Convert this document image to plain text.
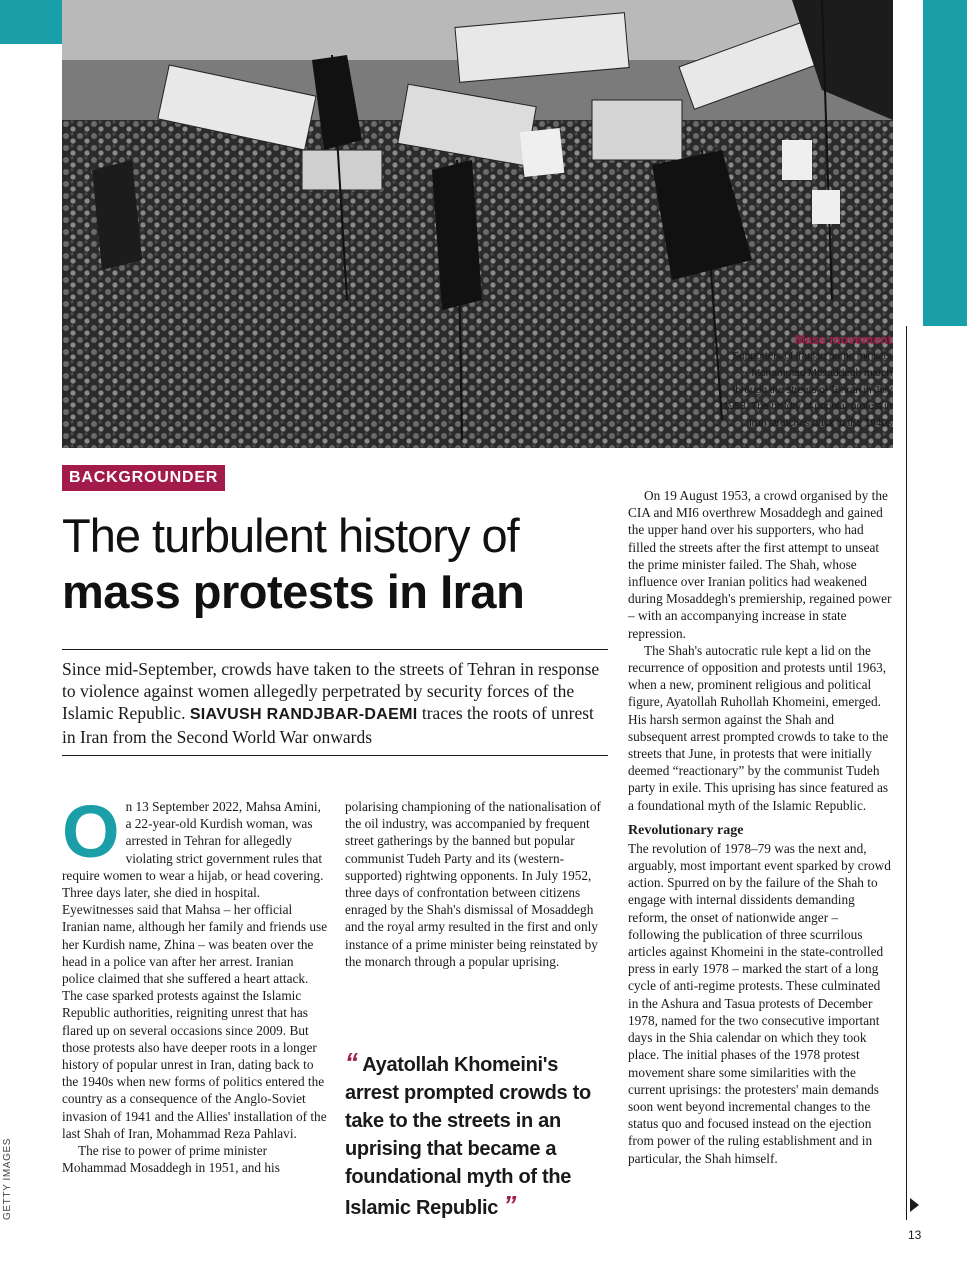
Mass movement
Supporters of Iranian prime minister Mohammad Mosaddegh march through the streets of Tehran in July 1953. The history of popular protest in Iran stretches back to the 1940s
BACKGROUNDER
The turbulent history of
mass protests in Iran

Since mid-September, crowds have taken to the streets of Tehran in response to violence against women allegedly perpetrated by security forces of the Islamic Republic. SIAVUSH RANDJBAR-DAEMI traces the roots of unrest in Iran from the Second World War onwards

On 13 September 2022, Mahsa Amini, a 22-year-old Kurdish woman, was arrested in Tehran for allegedly violating strict government rules that require women to wear a hijab, or head covering. Three days later, she died in hospital. Eyewitnesses said that Mahsa – her official Iranian name, although her family and friends use her Kurdish name, Zhina – was beaten over the head in a police van after her arrest. Iranian police claimed that she suffered a heart attack. The case sparked protests against the Islamic Republic authorities, reigniting unrest that has flared up on several occasions since 2009. But those protests also have deeper roots in a longer history of popular unrest in Iran, dating back to the 1940s when new forms of politics entered the country as a consequence of the Anglo-Soviet invasion of 1941 and the Allies' installation of the last Shah of Iran, Mohammad Reza Pahlavi.

The rise to power of prime minister Mohammad Mosaddegh in 1951, and his

polarising championing of the nationalisation of the oil industry, was accompanied by frequent street gatherings by the banned but popular communist Tudeh Party and its (western-supported) rightwing opponents. In July 1952, three days of confrontation between citizens enraged by the Shah's dismissal of Mosaddegh and the royal army resulted in the first and only instance of a prime minister being reinstated by the monarch through a popular uprising.

“ Ayatollah Khomeini's arrest prompted crowds to take to the streets in an uprising that became a foundational myth of the Islamic Republic ”

On 19 August 1953, a crowd organised by the CIA and MI6 overthrew Mosaddegh and gained the upper hand over his supporters, who had filled the streets after the first attempt to unseat the prime minister failed. The Shah, whose influence over Iranian politics had weakened during Mosaddegh's premiership, regained power – with an accompanying increase in state repression.

The Shah's autocratic rule kept a lid on the recurrence of opposition and protests until 1963, when a new, prominent religious and political figure, Ayatollah Ruhollah Khomeini, emerged. His harsh sermon against the Shah and subsequent arrest prompted crowds to take to the streets that June, in protests that were initially deemed “reactionary” by the communist Tudeh party in exile. This uprising has since featured as a foundational myth of the Islamic Republic.

Revolutionary rage

The revolution of 1978–79 was the next and, arguably, most important event sparked by crowd action. Spurred on by the failure of the Shah to engage with internal dissidents demanding reform, the onset of nationwide anger – following the publication of three scurrilous articles against Khomeini in the state-controlled press in early 1978 – marked the start of a long cycle of anti-regime protests. These culminated in the Ashura and Tasua protests of December 1978, named for the two consecutive important days in the Shia calendar on which they took place. The initial phases of the 1978 protest movement share some similarities with the current uprisings: the protesters' main demands soon went beyond incremental changes to the status quo and focused instead on the ejection from power of the ruling establishment and in particular, the Shah himself.

GETTY IMAGES
13
